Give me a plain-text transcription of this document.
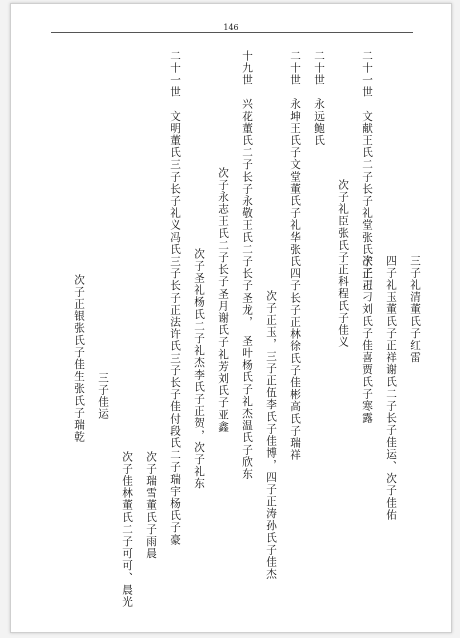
146
三子礼清董氏子红雷
四子礼玉董氏子正祥谢氏二子长子佳运、次子佳佑
次子正刁刘氏子佳喜贾氏子寒露
二十一世　文献王氏二子长子礼堂张氏子正刁
次子礼臣张氏子正科程氏子佳义
二十世　永远鲍氏
二十世　永坤王氏子文堂董氏子礼华张氏四子长子正林徐氏子佳彬高氏子瑞祥
次子正玉，三子正伍李氏子佳博，四子正涛孙氏子佳杰
十九世　兴花董氏二子长子永敬王氏二子长子圣龙，　圣叶杨氏子礼杰温氏子欣东
次子永志王氏二子长子圣月谢氏子礼芳刘氏子亚鑫
次子圣礼杨氏二子礼杰李氏子正贺，次子礼东
二十一世　文明董氏三子长子礼义冯氏三子长子正法许氏三子长子佳付段氏二子瑞宇杨氏子豪
次子瑞雪董氏子雨晨
次子佳林董氏二子可可、晨光
三子佳运
次子正银张氏子佳生张氏子瑞乾
